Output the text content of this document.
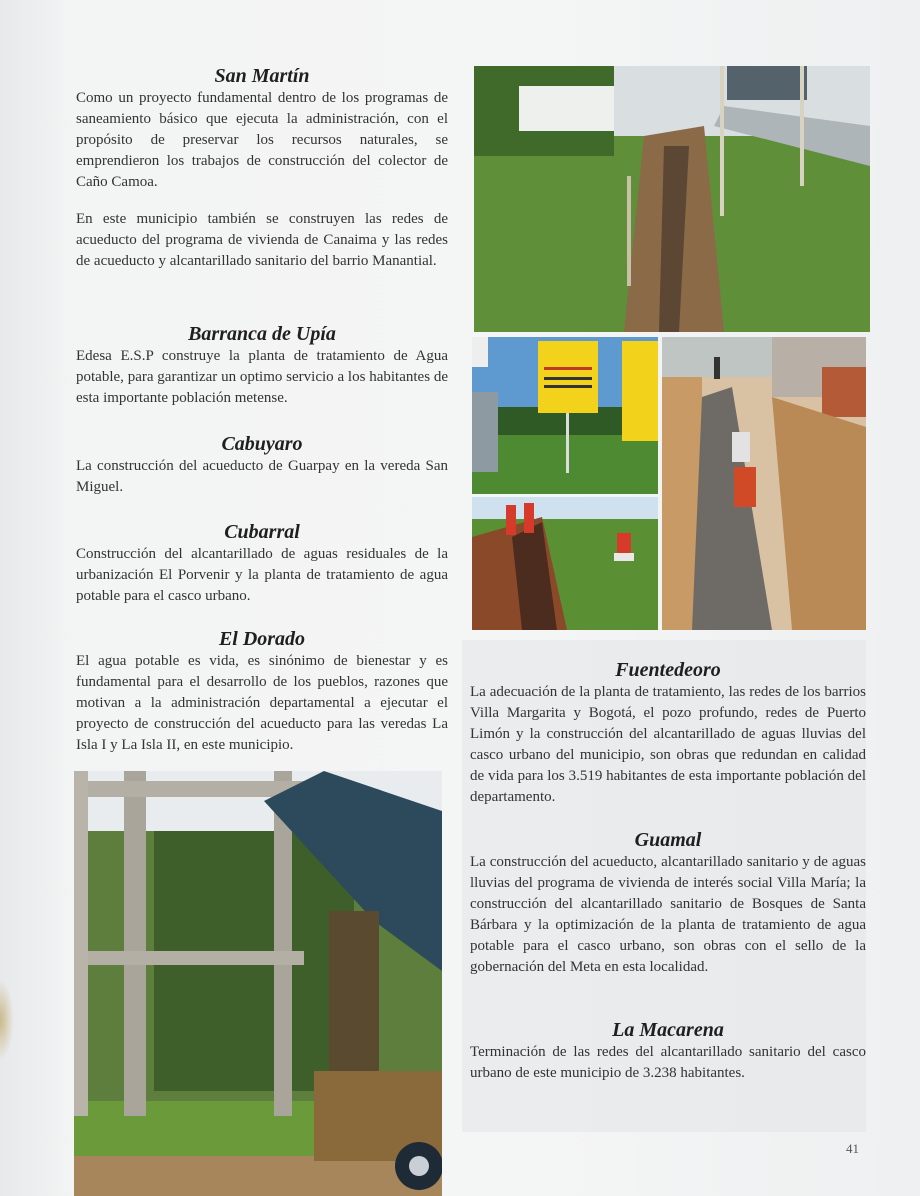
San Martín

Como un proyecto fundamental dentro de los programas de saneamiento básico que ejecuta la administración, con el propósito de preservar los recursos naturales, se emprendieron los trabajos de construcción del colector de Caño Camoa.

En este municipio también se construyen las redes de acueducto del programa de vivienda de Canaima y las redes de acueducto y alcantarillado sanitario del barrio Manantial.

Barranca de Upía

Edesa E.S.P construye la planta de tratamiento de Agua potable, para garantizar un optimo servicio a los habitantes de esta importante población metense.

Cabuyaro

La construcción del acueducto de Guarpay en la vereda San Miguel.

Cubarral

Construcción del alcantarillado de aguas residuales de la urbanización El Porvenir y la planta de tratamiento de agua potable para el casco urbano.

El Dorado

El agua potable es vida, es sinónimo de bienestar y es fundamental para el desarrollo de los pueblos, razones que motivan a la administración departamental a ejecutar el proyecto de construcción del acueducto para las veredas La Isla I y La Isla II, en este municipio.

Fuentedeoro

La adecuación de la planta de tratamiento, las redes de los barrios Villa Margarita y Bogotá, el pozo profundo, redes de Puerto Limón y la construcción del alcantarillado de aguas lluvias del casco urbano del municipio, son obras que redundan en calidad de vida para los 3.519 habitantes de esta importante población del departamento.

Guamal

La construcción del acueducto, alcantarillado sanitario y de aguas lluvias del programa de vivienda de interés social Villa María; la construcción del alcantarillado sanitario de Bosques de Santa Bárbara y la optimización de la planta de tratamiento de agua potable para el casco urbano, son obras con el sello de la gobernación del Meta en esta localidad.

La Macarena

Terminación de las redes del alcantarillado sanitario del casco urbano de este municipio de 3.238 habitantes.

41
